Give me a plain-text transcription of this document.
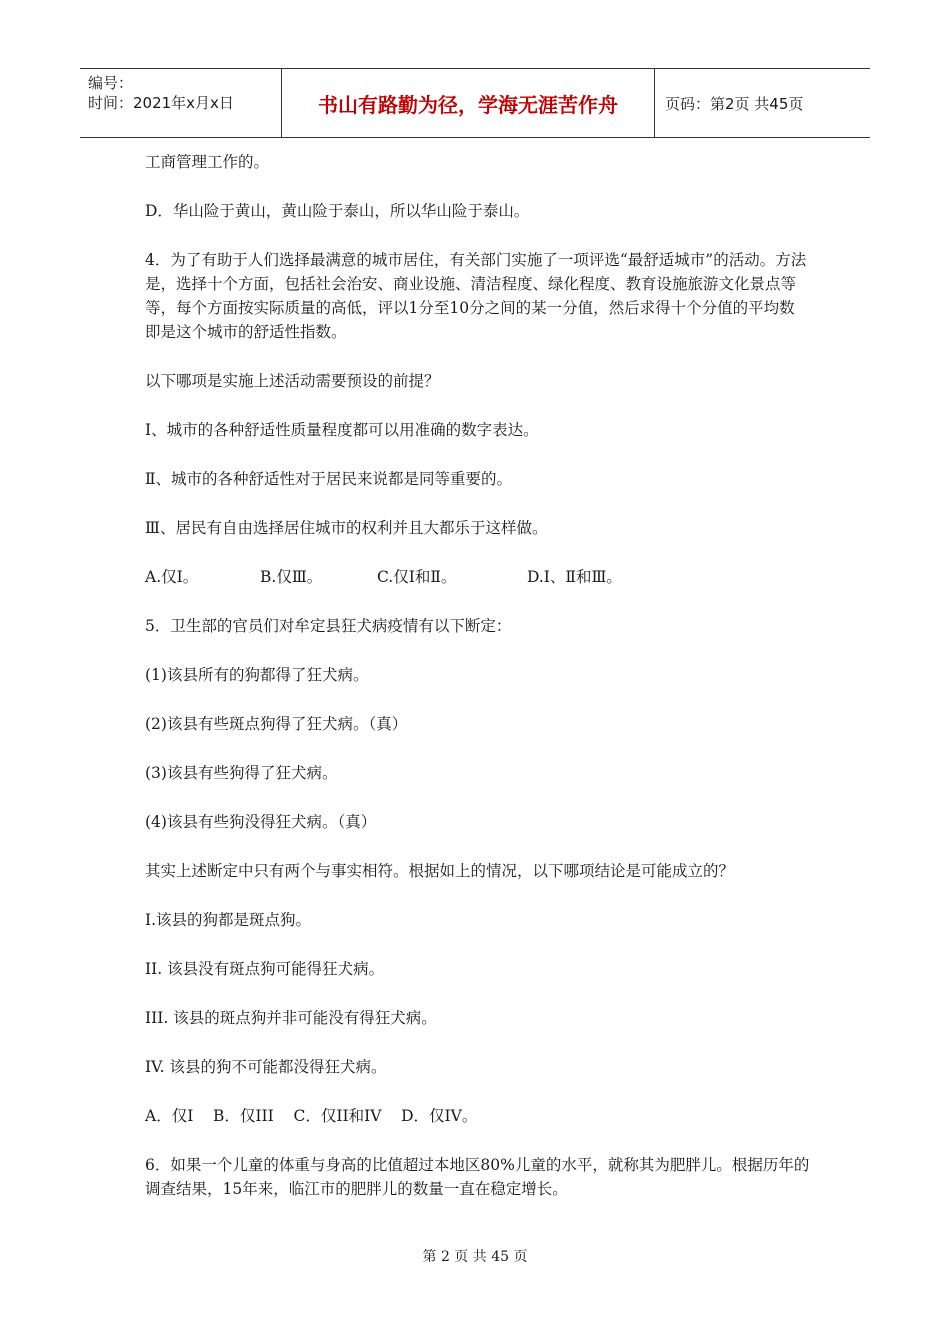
编号：
时间：2021年x月x日	书山有路勤为径，学海无涯苦作舟	页码：第2页 共45页

工商管理工作的。

D．华山险于黄山，黄山险于泰山，所以华山险于泰山。

4．为了有助于人们选择最满意的城市居住，有关部门实施了一项评选“最舒适城市”的活动。方法是，选择十个方面，包括社会治安、商业设施、清洁程度、绿化程度、教育设施旅游文化景点等等，每个方面按实际质量的高低，评以1分至10分之间的某一分值，然后求得十个分值的平均数即是这个城市的舒适性指数。

以下哪项是实施上述活动需要预设的前提？

Ⅰ、城市的各种舒适性质量程度都可以用准确的数字表达。

Ⅱ、城市的各种舒适性对于居民来说都是同等重要的。

Ⅲ、居民有自由选择居住城市的权利并且大都乐于这样做。

A.仅Ⅰ。	B.仅Ⅲ。	C.仅Ⅰ和Ⅱ。	D.Ⅰ、Ⅱ和Ⅲ。

5．卫生部的官员们对牟定县狂犬病疫情有以下断定：

(1)该县所有的狗都得了狂犬病。

(2)该县有些斑点狗得了狂犬病。（真）

(3)该县有些狗得了狂犬病。

(4)该县有些狗没得狂犬病。（真）

其实上述断定中只有两个与事实相符。根据如上的情况，以下哪项结论是可能成立的？

I.该县的狗都是斑点狗。

II. 该县没有斑点狗可能得狂犬病。

III. 该县的斑点狗并非可能没有得狂犬病。

IV. 该县的狗不可能都没得狂犬病。

A．仅I    B．仅III    C．仅II和IV    D．仅IV。

6．如果一个儿童的体重与身高的比值超过本地区80%儿童的水平，就称其为肥胖儿。根据历年的调查结果，15年来，临江市的肥胖儿的数量一直在稳定增长。

第 2 页 共 45 页
